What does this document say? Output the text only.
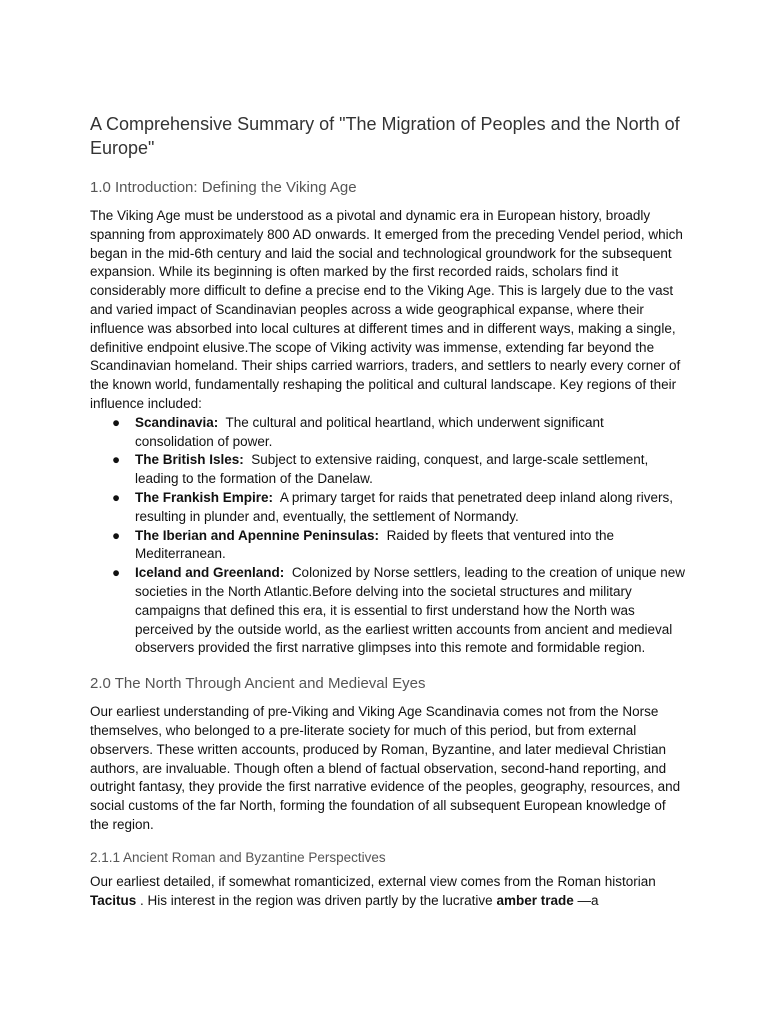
A Comprehensive Summary of "The Migration of Peoples and the North of Europe"
1.0 Introduction: Defining the Viking Age

The Viking Age must be understood as a pivotal and dynamic era in European history, broadly spanning from approximately 800 AD onwards. It emerged from the preceding Vendel period, which began in the mid-6th century and laid the social and technological groundwork for the subsequent expansion. While its beginning is often marked by the first recorded raids, scholars find it considerably more difficult to define a precise end to the Viking Age. This is largely due to the vast and varied impact of Scandinavian peoples across a wide geographical expanse, where their influence was absorbed into local cultures at different times and in different ways, making a single, definitive endpoint elusive.The scope of Viking activity was immense, extending far beyond the Scandinavian homeland. Their ships carried warriors, traders, and settlers to nearly every corner of the known world, fundamentally reshaping the political and cultural landscape. Key regions of their influence included:

● Scandinavia: The cultural and political heartland, which underwent significant consolidation of power.
● The British Isles: Subject to extensive raiding, conquest, and large-scale settlement, leading to the formation of the Danelaw.
● The Frankish Empire: A primary target for raids that penetrated deep inland along rivers, resulting in plunder and, eventually, the settlement of Normandy.
● The Iberian and Apennine Peninsulas: Raided by fleets that ventured into the Mediterranean.
● Iceland and Greenland: Colonized by Norse settlers, leading to the creation of unique new societies in the North Atlantic.Before delving into the societal structures and military campaigns that defined this era, it is essential to first understand how the North was perceived by the outside world, as the earliest written accounts from ancient and medieval observers provided the first narrative glimpses into this remote and formidable region.
2.0 The North Through Ancient and Medieval Eyes

Our earliest understanding of pre-Viking and Viking Age Scandinavia comes not from the Norse themselves, who belonged to a pre-literate society for much of this period, but from external observers. These written accounts, produced by Roman, Byzantine, and later medieval Christian authors, are invaluable. Though often a blend of factual observation, second-hand reporting, and outright fantasy, they provide the first narrative evidence of the peoples, geography, resources, and social customs of the far North, forming the foundation of all subsequent European knowledge of the region.

2.1.1 Ancient Roman and Byzantine Perspectives

Our earliest detailed, if somewhat romanticized, external view comes from the Roman historian Tacitus . His interest in the region was driven partly by the lucrative amber trade —a
